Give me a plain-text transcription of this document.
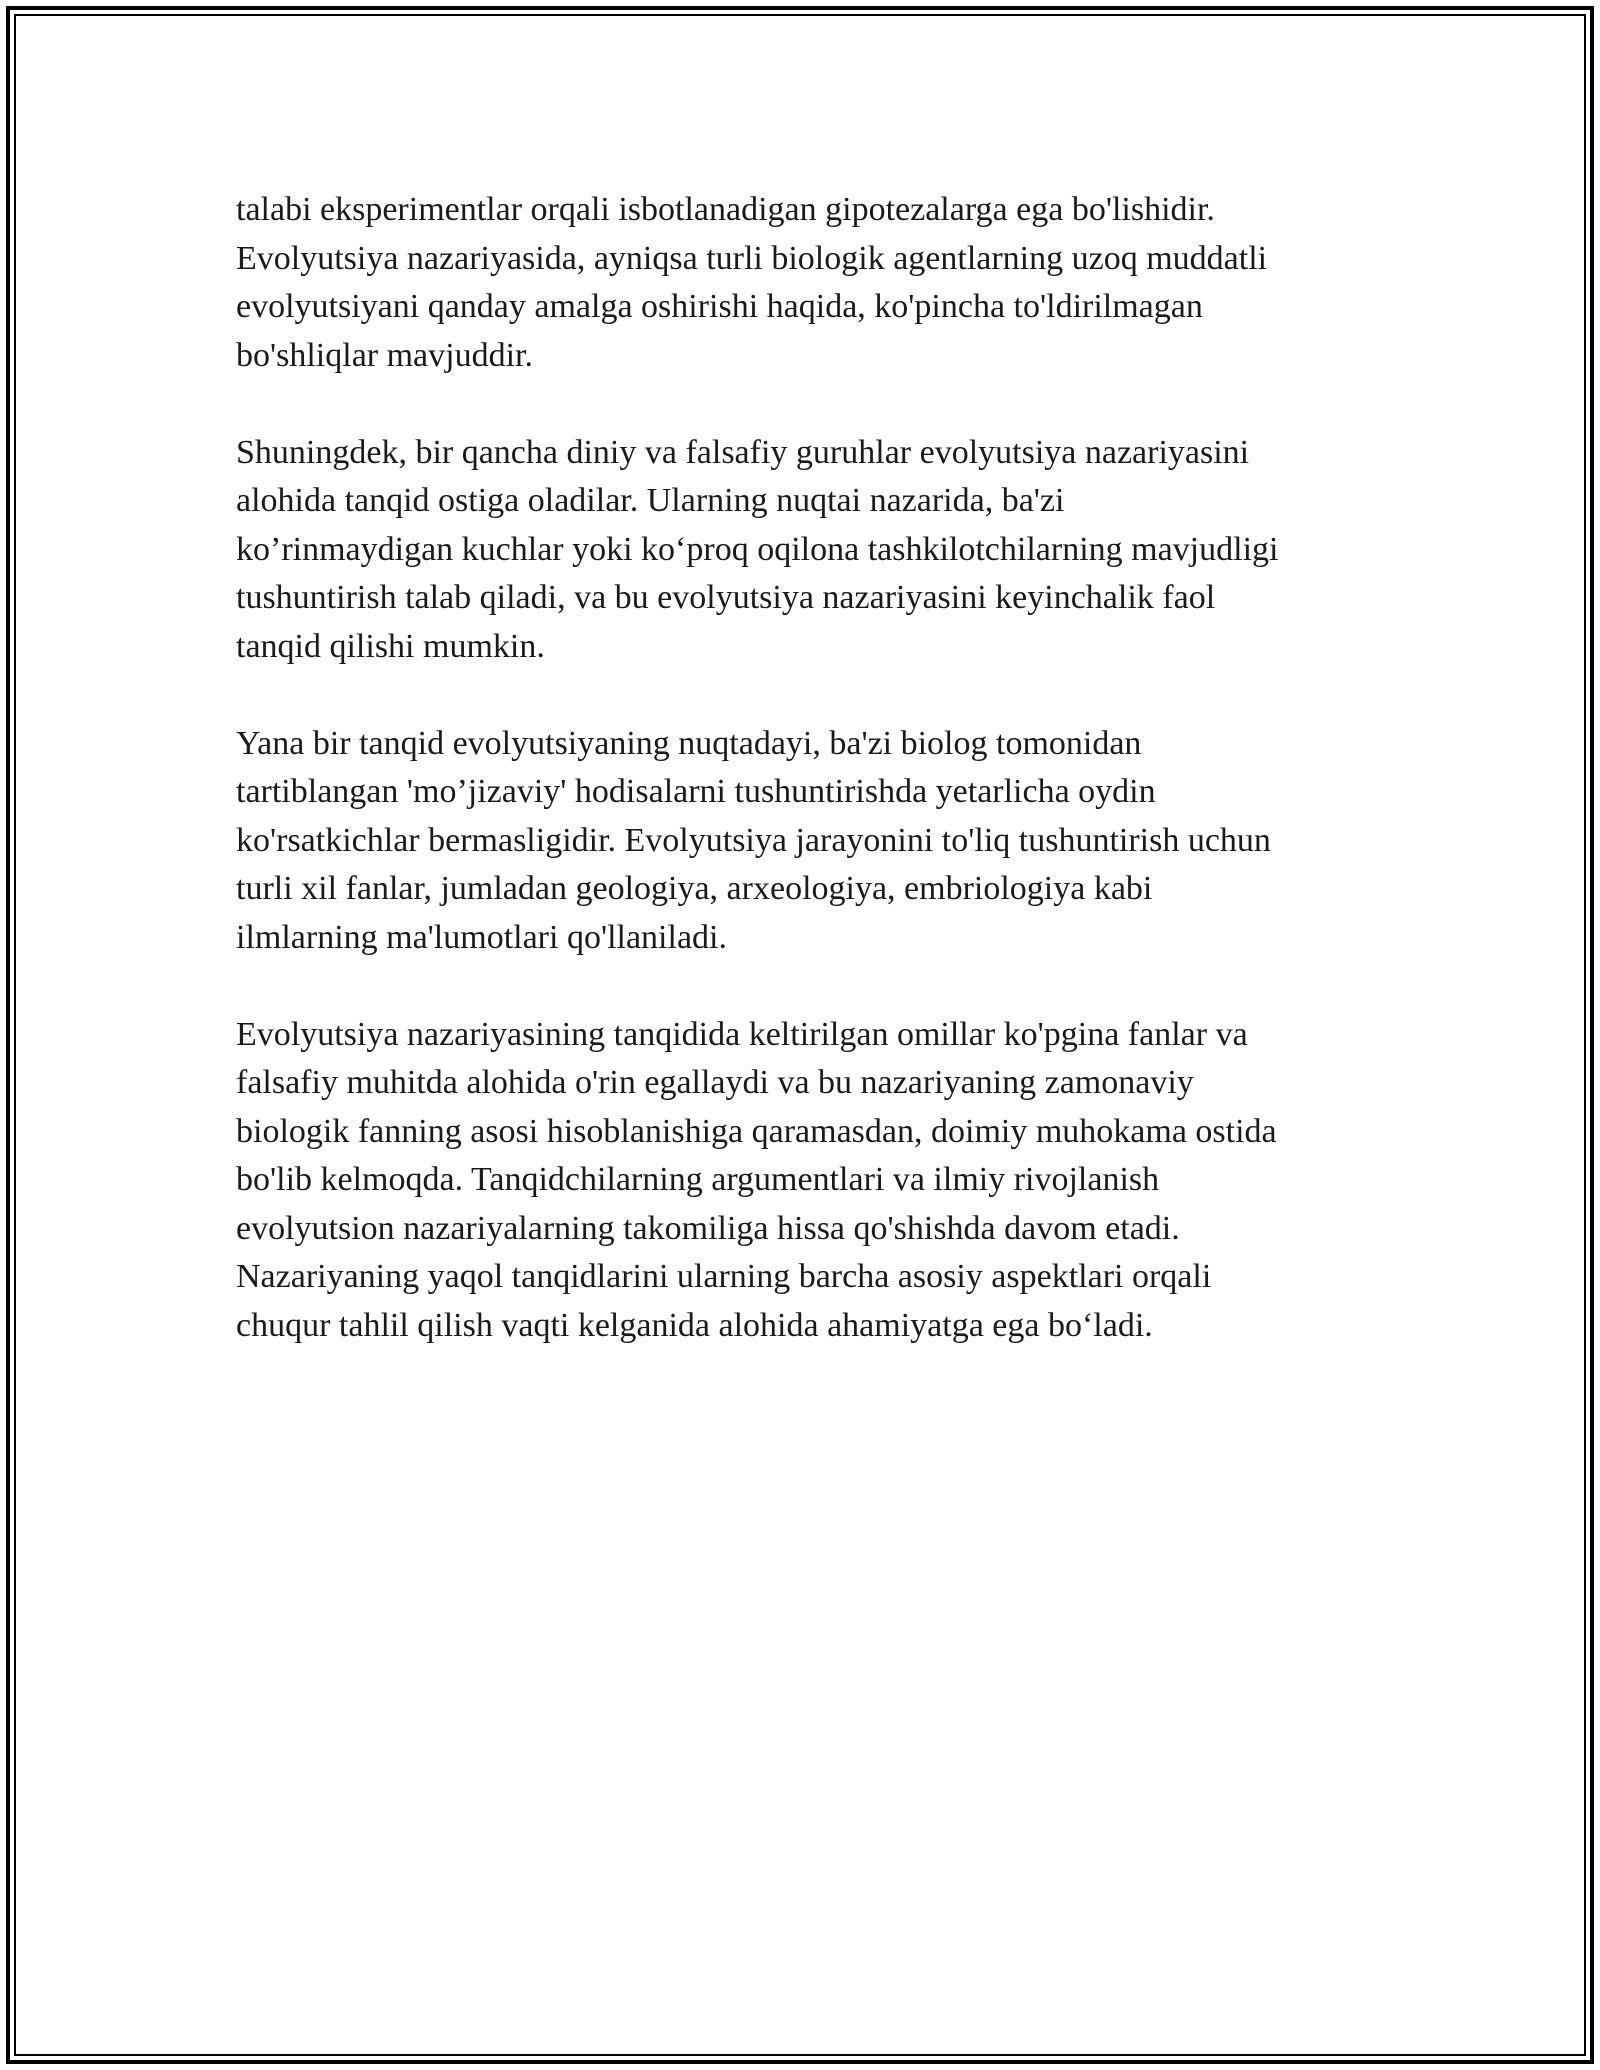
talabi eksperimentlar orqali isbotlanadigan gipotezalarga ega bo'lishidir.
Evolyutsiya nazariyasida, ayniqsa turli biologik agentlarning uzoq muddatli
evolyutsiyani qanday amalga oshirishi haqida, ko'pincha to'ldirilmagan
bo'shliqlar mavjuddir.

Shuningdek, bir qancha diniy va falsafiy guruhlar evolyutsiya nazariyasini
alohida tanqid ostiga oladilar. Ularning nuqtai nazarida, ba'zi
ko’rinmaydigan kuchlar yoki ko‘proq oqilona tashkilotchilarning mavjudligi
tushuntirish talab qiladi, va bu evolyutsiya nazariyasini keyinchalik faol
tanqid qilishi mumkin.

Yana bir tanqid evolyutsiyaning nuqtadayi, ba'zi biolog tomonidan
tartiblangan 'mo’jizaviy' hodisalarni tushuntirishda yetarlicha oydin
ko'rsatkichlar bermasligidir. Evolyutsiya jarayonini to'liq tushuntirish uchun
turli xil fanlar, jumladan geologiya, arxeologiya, embriologiya kabi
ilmlarning ma'lumotlari qo'llaniladi.

Evolyutsiya nazariyasining tanqidida keltirilgan omillar ko'pgina fanlar va
falsafiy muhitda alohida o'rin egallaydi va bu nazariyaning zamonaviy
biologik fanning asosi hisoblanishiga qaramasdan, doimiy muhokama ostida
bo'lib kelmoqda. Tanqidchilarning argumentlari va ilmiy rivojlanish
evolyutsion nazariyalarning takomiliga hissa qo'shishda davom etadi.
Nazariyaning yaqol tanqidlarini ularning barcha asosiy aspektlari orqali
chuqur tahlil qilish vaqti kelganida alohida ahamiyatga ega bo‘ladi.
